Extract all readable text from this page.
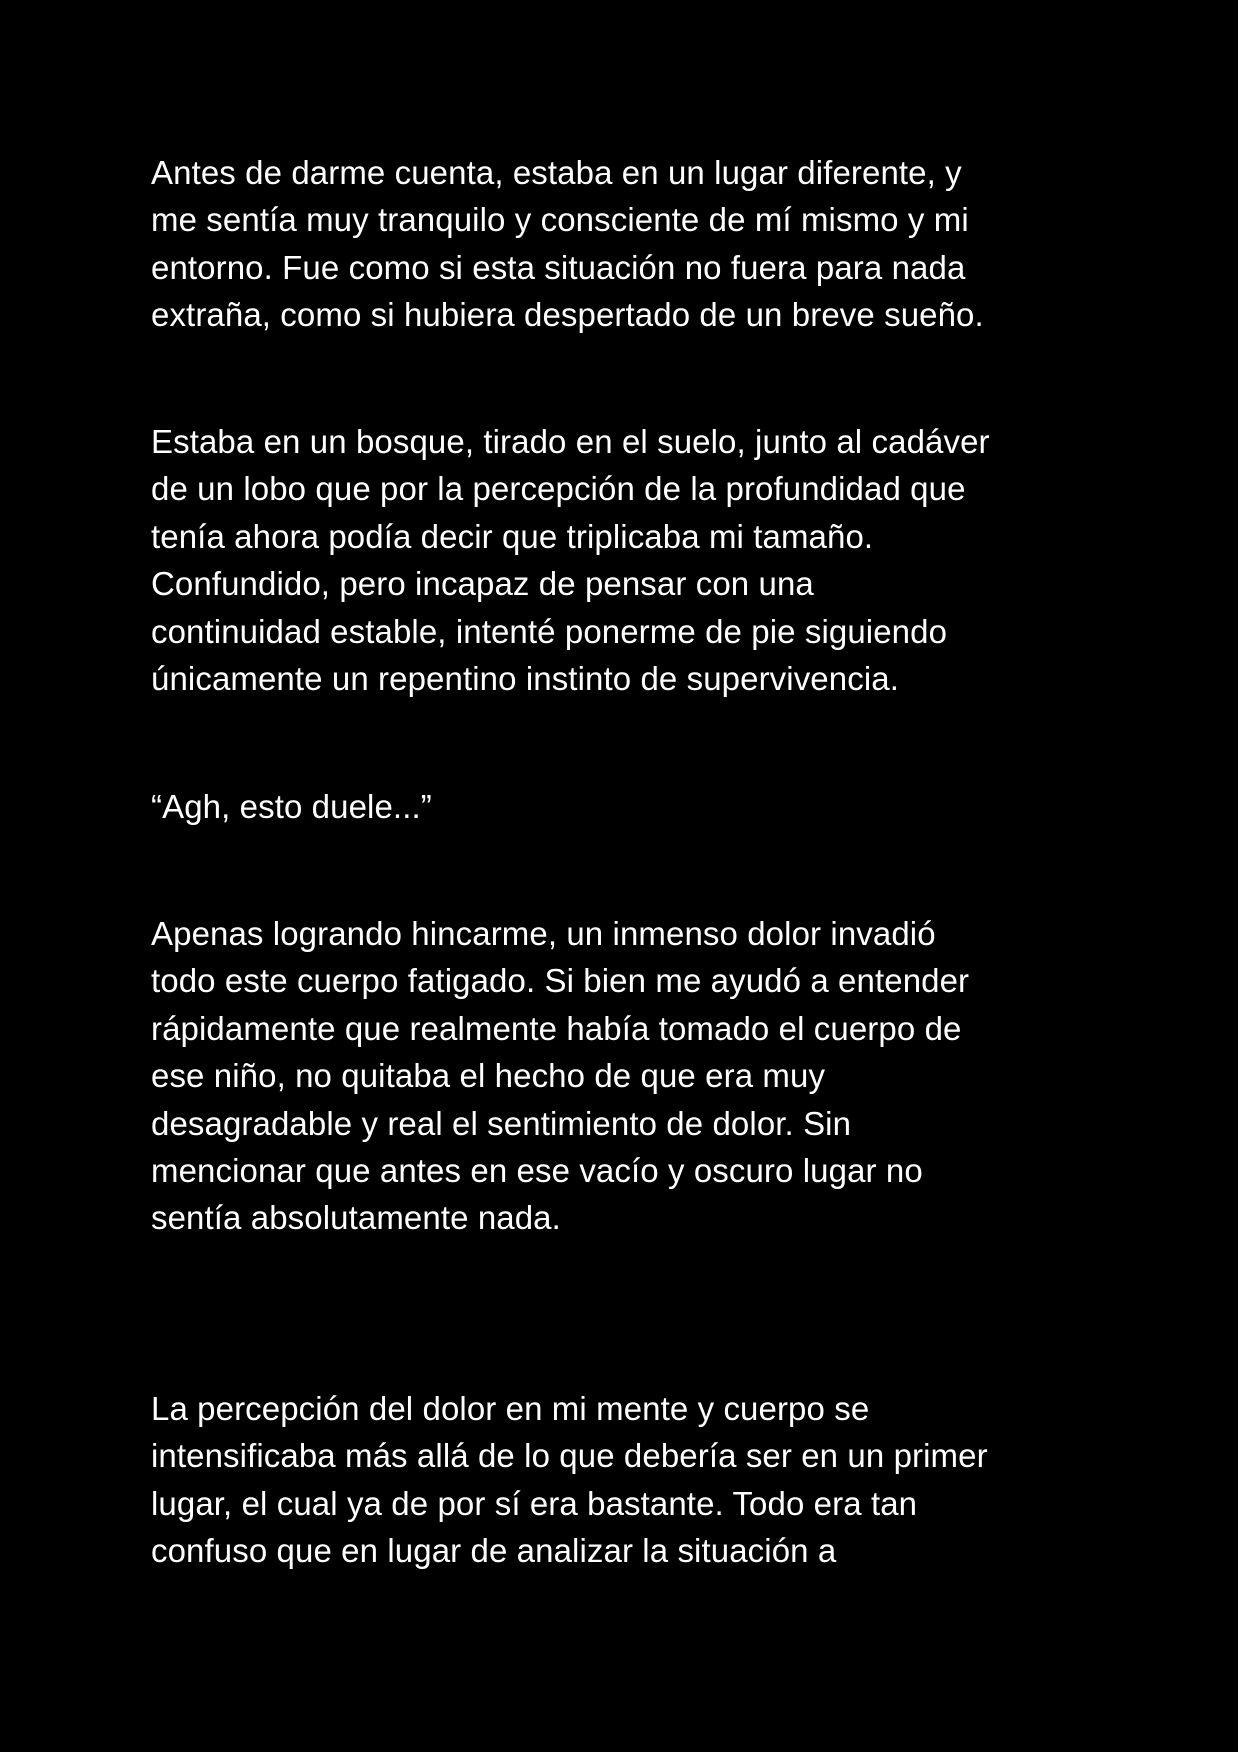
Antes de darme cuenta, estaba en un lugar diferente, y
me sentía muy tranquilo y consciente de mí mismo y mi
entorno. Fue como si esta situación no fuera para nada
extraña, como si hubiera despertado de un breve sueño.

Estaba en un bosque, tirado en el suelo, junto al cadáver
de un lobo que por la percepción de la profundidad que
tenía ahora podía decir que triplicaba mi tamaño.
Confundido, pero incapaz de pensar con una
continuidad estable, intenté ponerme de pie siguiendo
únicamente un repentino instinto de supervivencia.

“Agh, esto duele...”

Apenas logrando hincarme, un inmenso dolor invadió
todo este cuerpo fatigado. Si bien me ayudó a entender
rápidamente que realmente había tomado el cuerpo de
ese niño, no quitaba el hecho de que era muy
desagradable y real el sentimiento de dolor. Sin
mencionar que antes en ese vacío y oscuro lugar no
sentía absolutamente nada.

La percepción del dolor en mi mente y cuerpo se
intensificaba más allá de lo que debería ser en un primer
lugar, el cual ya de por sí era bastante. Todo era tan
confuso que en lugar de analizar la situación a
